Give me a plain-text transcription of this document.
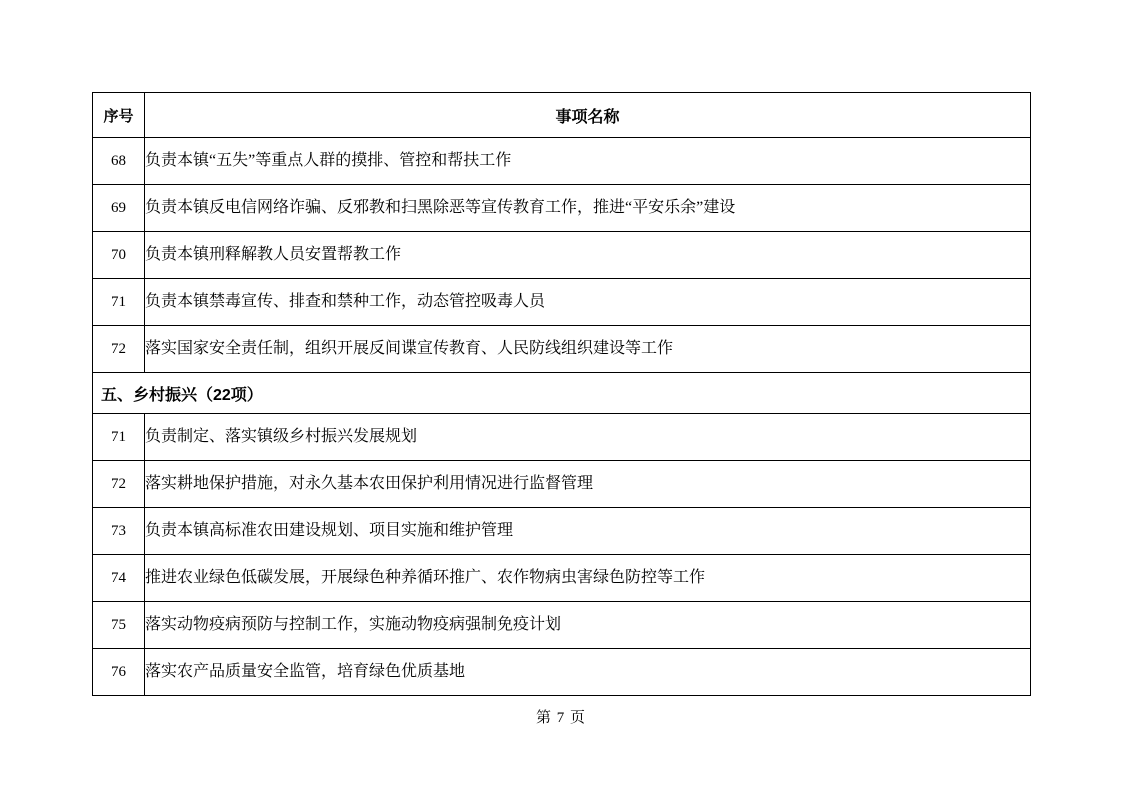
序号	事项名称
68	负责本镇“五失”等重点人群的摸排、管控和帮扶工作
69	负责本镇反电信网络诈骗、反邪教和扫黑除恶等宣传教育工作，推进“平安乐余”建设
70	负责本镇刑释解教人员安置帮教工作
71	负责本镇禁毒宣传、排查和禁种工作，动态管控吸毒人员
72	落实国家安全责任制，组织开展反间谍宣传教育、人民防线组织建设等工作
五、乡村振兴（22项）	
71	负责制定、落实镇级乡村振兴发展规划
72	落实耕地保护措施，对永久基本农田保护利用情况进行监督管理
73	负责本镇高标准农田建设规划、项目实施和维护管理
74	推进农业绿色低碳发展，开展绿色种养循环推广、农作物病虫害绿色防控等工作
75	落实动物疫病预防与控制工作，实施动物疫病强制免疫计划
76	落实农产品质量安全监管，培育绿色优质基地
第 7 页
